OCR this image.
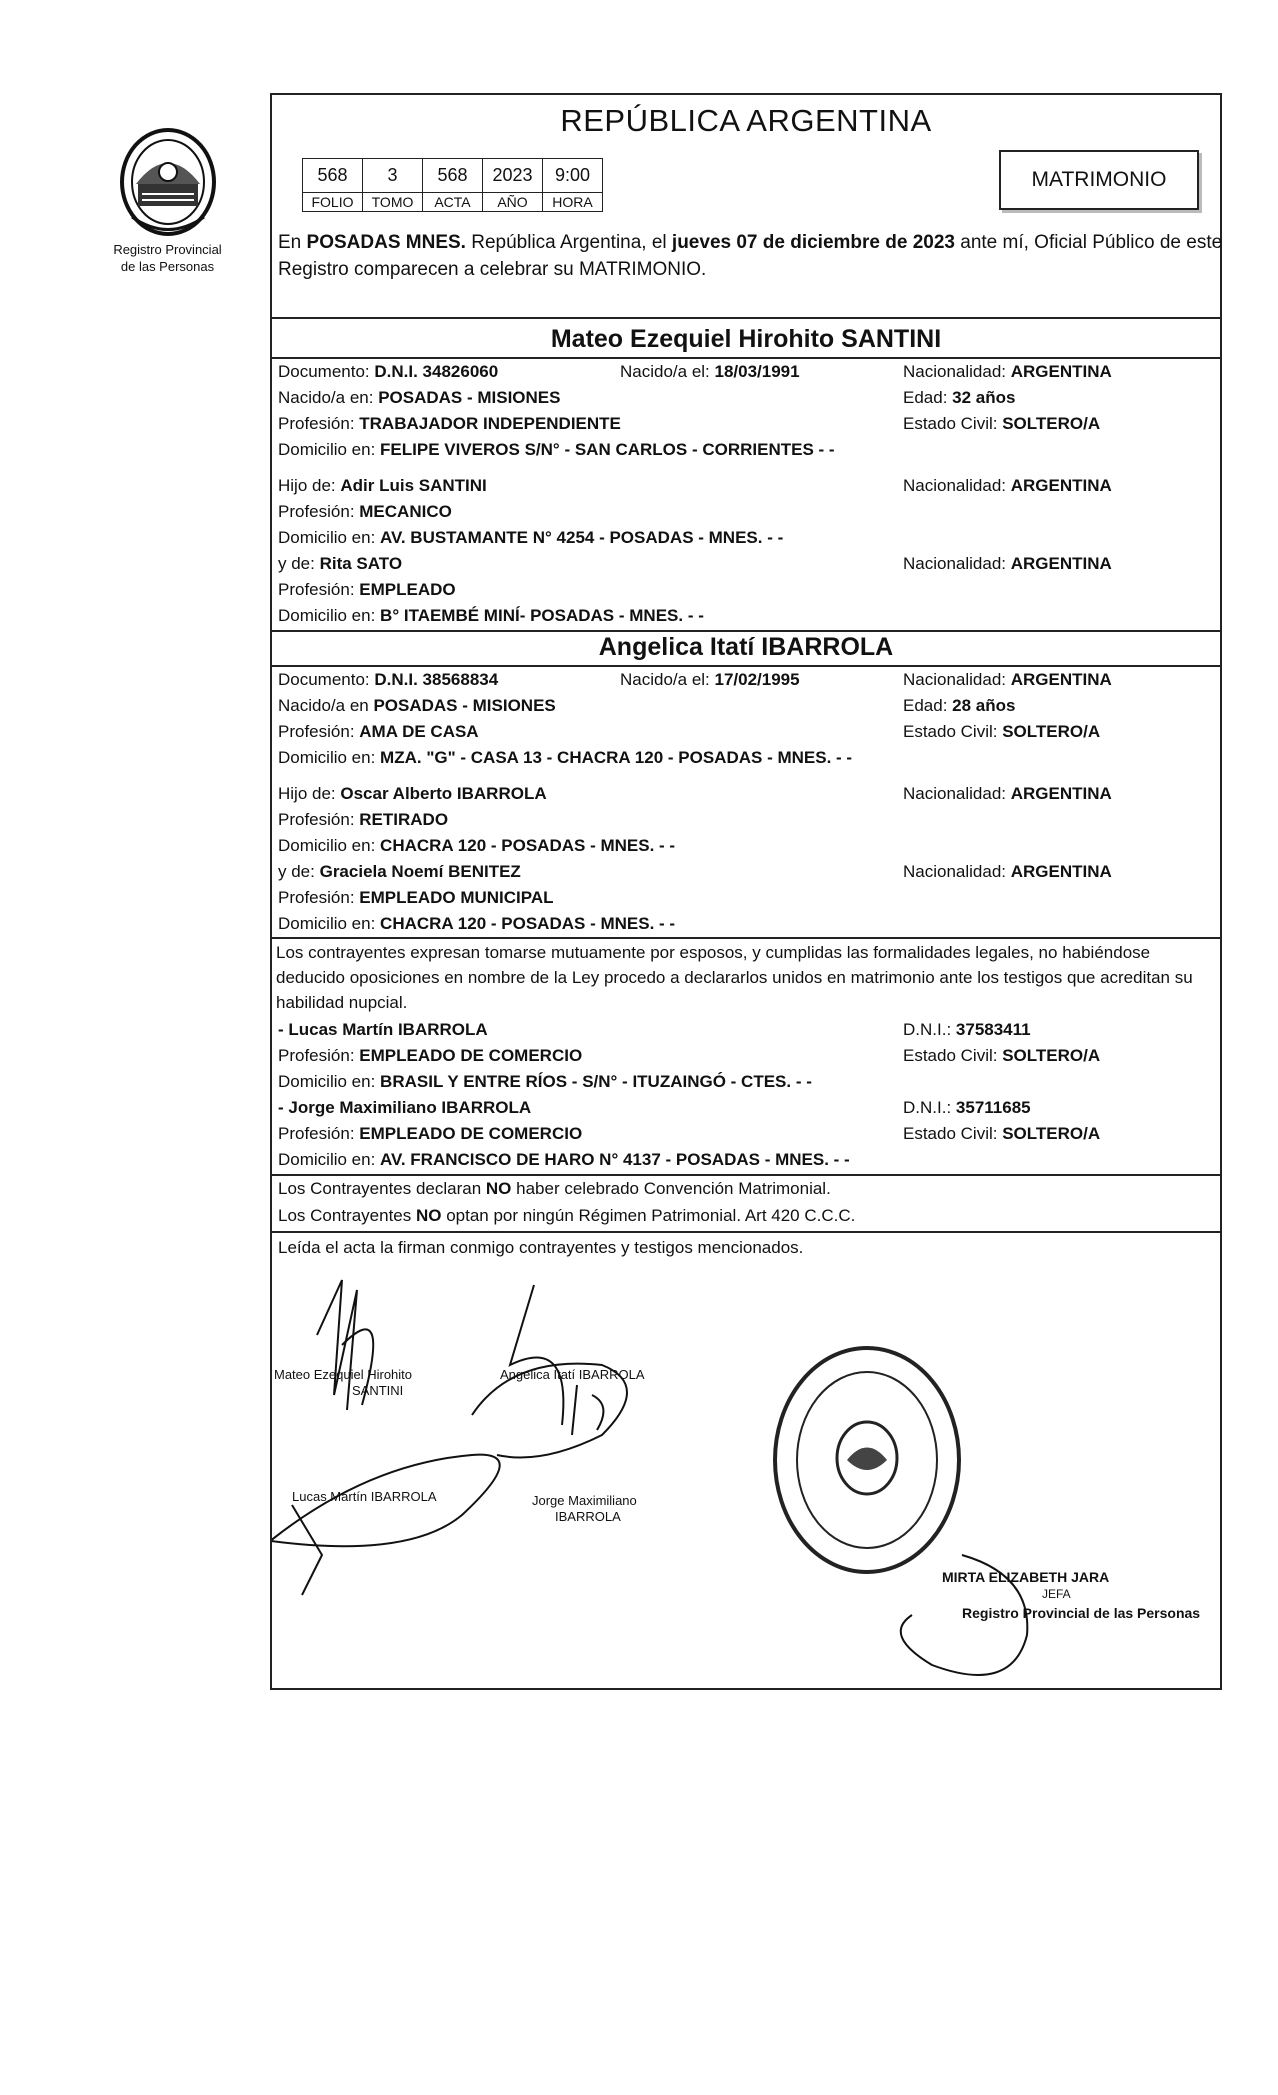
Registro Provincial
de las Personas
REPÚBLICA ARGENTINA
568	3	568	2023	9:00
FOLIO	TOMO	ACTA	AÑO	HORA
MATRIMONIO
En POSADAS MNES. República Argentina, el jueves 07 de diciembre de 2023 ante mí, Oficial Público de este Registro comparecen a celebrar su MATRIMONIO.
Mateo Ezequiel Hirohito SANTINI
Documento: D.N.I. 34826060	Nacido/a el: 18/03/1991	Nacionalidad: ARGENTINA
Nacido/a en: POSADAS - MISIONES	Edad: 32 años
Profesión: TRABAJADOR INDEPENDIENTE	Estado Civil: SOLTERO/A
Domicilio en: FELIPE VIVEROS S/N° - SAN CARLOS - CORRIENTES - -
Hijo de: Adir Luis SANTINI	Nacionalidad: ARGENTINA
Profesión: MECANICO
Domicilio en: AV. BUSTAMANTE N° 4254 - POSADAS - MNES. - -
y de: Rita SATO	Nacionalidad: ARGENTINA
Profesión: EMPLEADO
Domicilio en: B° ITAEMBÉ MINÍ- POSADAS - MNES. - -
Angelica Itatí IBARROLA
Documento: D.N.I. 38568834	Nacido/a el: 17/02/1995	Nacionalidad: ARGENTINA
Nacido/a en POSADAS - MISIONES	Edad: 28 años
Profesión: AMA DE CASA	Estado Civil: SOLTERO/A
Domicilio en: MZA. "G" - CASA 13 - CHACRA 120 - POSADAS - MNES. - -
Hijo de: Oscar Alberto IBARROLA	Nacionalidad: ARGENTINA
Profesión: RETIRADO
Domicilio en: CHACRA 120 - POSADAS - MNES. - -
y de: Graciela Noemí BENITEZ	Nacionalidad: ARGENTINA
Profesión: EMPLEADO MUNICIPAL
Domicilio en: CHACRA 120 - POSADAS - MNES. - -
Los contrayentes expresan tomarse mutuamente por esposos, y cumplidas las formalidades legales, no habiéndose deducido oposiciones en nombre de la Ley procedo a declararlos unidos en matrimonio ante los testigos que acreditan su habilidad nupcial.
- Lucas Martín IBARROLA	D.N.I.: 37583411
Profesión: EMPLEADO DE COMERCIO	Estado Civil: SOLTERO/A
Domicilio en: BRASIL Y ENTRE RÍOS - S/N° - ITUZAINGÓ - CTES. - -
- Jorge Maximiliano IBARROLA	D.N.I.: 35711685
Profesión: EMPLEADO DE COMERCIO	Estado Civil: SOLTERO/A
Domicilio en: AV. FRANCISCO DE HARO N° 4137 - POSADAS - MNES. - -
Los Contrayentes declaran NO haber celebrado Convención Matrimonial.
Los Contrayentes NO optan por ningún Régimen Patrimonial. Art 420 C.C.C.
Leída el acta la firman conmigo contrayentes y testigos mencionados.
Mateo Ezequiel Hirohito
SANTINI
Angelica Itatí IBARROLA
Lucas Martín IBARROLA	Jorge Maximiliano
IBARROLA
MIRTA ELIZABETH JARA
JEFA
Registro Provincial de las Personas
